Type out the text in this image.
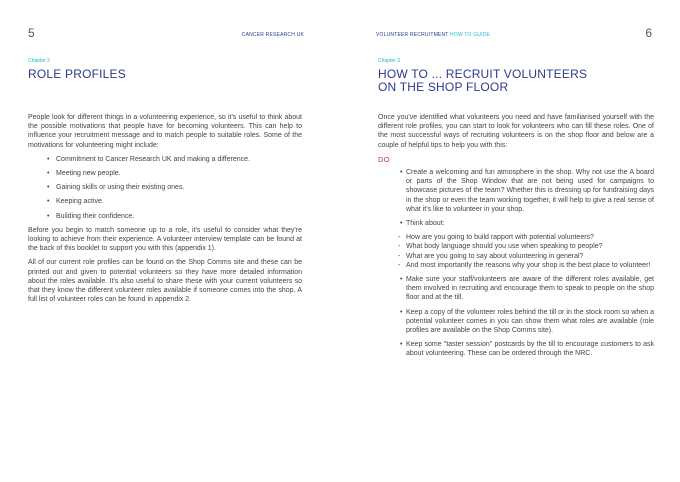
5	CANCER RESEARCH UK
Chapter 2
ROLE PROFILES

People look for different things in a volunteering experience, so it's useful to think about the possible motivations that people have for becoming volunteers. This can help to influence your recruitment message and to match people to suitable roles. Some of the motivations for volunteering might include:

• Commitment to Cancer Research UK and making a difference.
• Meeting new people.
• Gaining skills or using their existing ones.
• Keeping active.
• Building their confidence.

Before you begin to match someone up to a role, it's useful to consider what they're looking to achieve from their experience. A volunteer interview template can be found at the back of this booklet to support you with this (appendix 1).

All of our current role profiles can be found on the Shop Comms site and these can be printed out and given to potential volunteers so they have more detailed information about the roles available. It's also useful to share these with your current volunteers so that they know the different volunteer roles available if someone comes into the shop. A full list of volunteer roles can be found in appendix 2.

6
VOLUNTEER RECRUITMENT HOW TO GUIDE
Chapter 3
HOW TO ... RECRUIT VOLUNTEERS
ON THE SHOP FLOOR

Once you've identified what volunteers you need and have familiarised yourself with the different role profiles, you can start to look for volunteers who can fill these roles. One of the most successful ways of recruiting volunteers is on the shop floor and below are a couple of helpful tips to help you with this:

DO
• Create a welcoming and fun atmosphere in the shop. Why not use the A board or parts of the Shop Window that are not being used for campaigns to showcase pictures of the team? Whether this is dressing up for fundraising days in the shop or even the team working together, it will help to give a real sense of what it's like to volunteer in your shop.
• Think about:
- How are you going to build rapport with potential volunteers?
- What body language should you use when speaking to people?
- What are you going to say about volunteering in general?
- And most importantly the reasons why your shop is the best place to volunteer!
• Make sure your staff/volunteers are aware of the different roles available, get them involved in recruiting and encourage them to speak to people on the shop floor and at the till.
• Keep a copy of the volunteer roles behind the till or in the stock room so when a potential volunteer comes in you can show them what roles are available (role profiles are available on the Shop Comms site).
• Keep some "taster session" postcards by the till to encourage customers to ask about volunteering. These can be ordered through the NRC.
